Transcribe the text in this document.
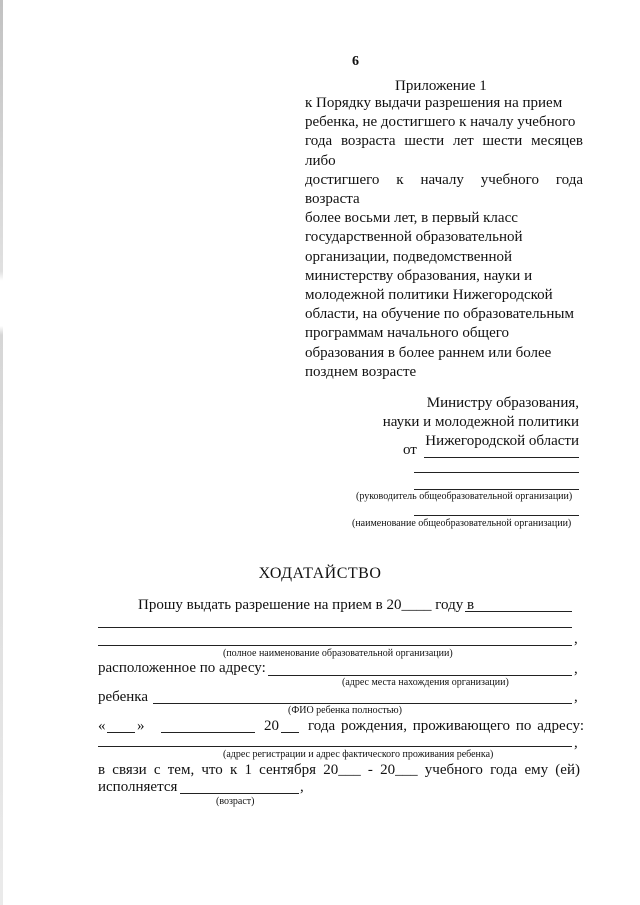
6
Приложение 1
к Порядку выдачи разрешения на прием
ребенка, не достигшего к началу учебного
года возраста шести лет шести месяцев либо
достигшего к началу учебного года возраста
более восьми лет, в первый класс
государственной образовательной
организации, подведомственной
министерству образования, науки и
молодежной политики Нижегородской
области, на обучение по образовательным
программам начального общего
образования в более раннем или более
позднем возрасте
Министру образования,
науки и молодежной политики
Нижегородской области
от
(руководитель общеобразовательной организации)
(наименование общеобразовательной организации)
ХОДАТАЙСТВО
Прошу выдать разрешение на прием в 20____ году в
,
(полное наименование образовательной организации)
расположенное по адресу:	,
(адрес места нахождения организации)
ребенка	,
(ФИО ребенка полностью)
« »	20 года рождения, проживающего по адресу:
,
(адрес регистрации и адрес фактического проживания ребенка)
в связи с тем, что к 1 сентября 20___ - 20___ учебного года ему (ей)
исполняется	,
(возраст)
